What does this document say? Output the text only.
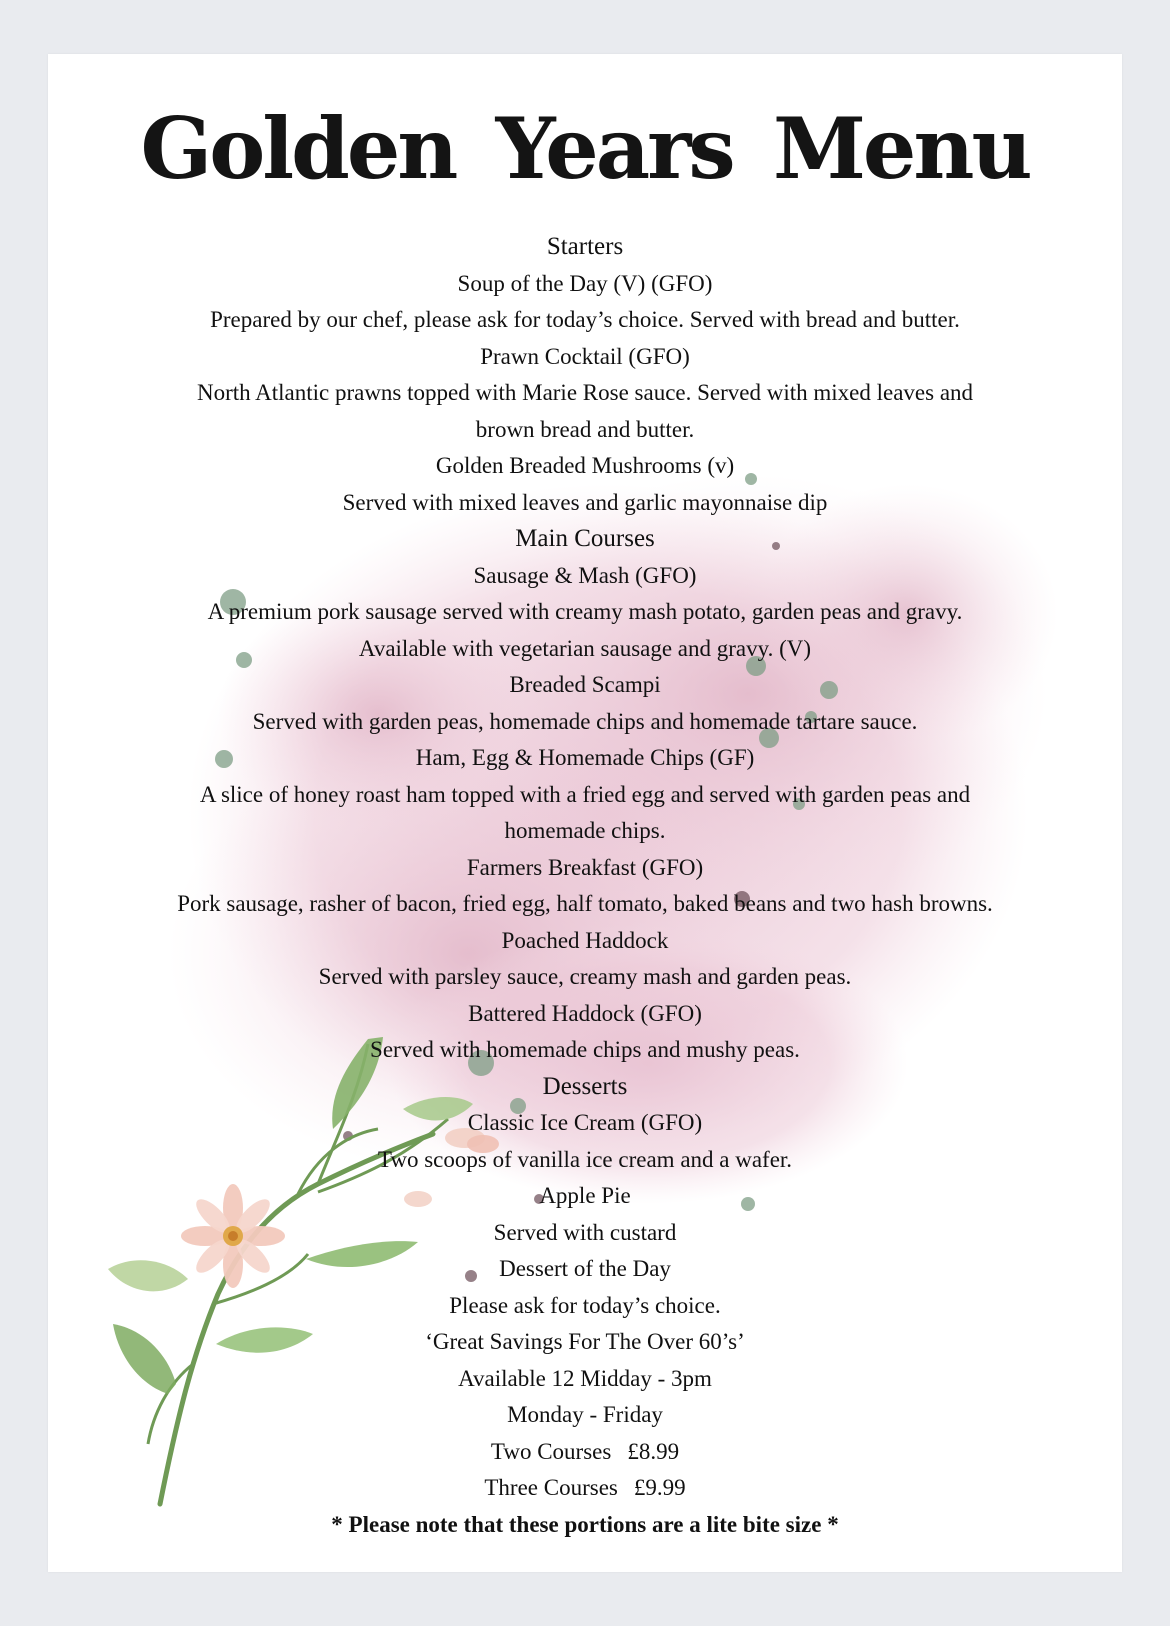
Golden Years Menu
Starters
Soup of the Day (V) (GFO)
Prepared by our chef, please ask for today’s choice. Served with bread and butter.
Prawn Cocktail (GFO)
North Atlantic prawns topped with Marie Rose sauce. Served with mixed leaves and
brown bread and butter.
Golden Breaded Mushrooms (v)
Served with mixed leaves and garlic mayonnaise dip
Main Courses
Sausage & Mash (GFO)
A premium pork sausage served with creamy mash potato, garden peas and gravy.
Available with vegetarian sausage and gravy. (V)
Breaded Scampi
Served with garden peas, homemade chips and homemade tartare sauce.
Ham, Egg & Homemade Chips (GF)
A slice of honey roast ham topped with a fried egg and served with garden peas and
homemade chips.
Farmers Breakfast (GFO)
Pork sausage, rasher of bacon, fried egg, half tomato, baked beans and two hash browns.
Poached Haddock
Served with parsley sauce, creamy mash and garden peas.
Battered Haddock (GFO)
Served with homemade chips and mushy peas.
Desserts
Classic Ice Cream (GFO)
Two scoops of vanilla ice cream and a wafer.
Apple Pie
Served with custard
Dessert of the Day
Please ask for today’s choice.
‘Great Savings For The Over 60’s’
Available 12 Midday - 3pm
Monday - Friday
Two Courses £8.99
Three Courses £9.99
* Please note that these portions are a lite bite size *
